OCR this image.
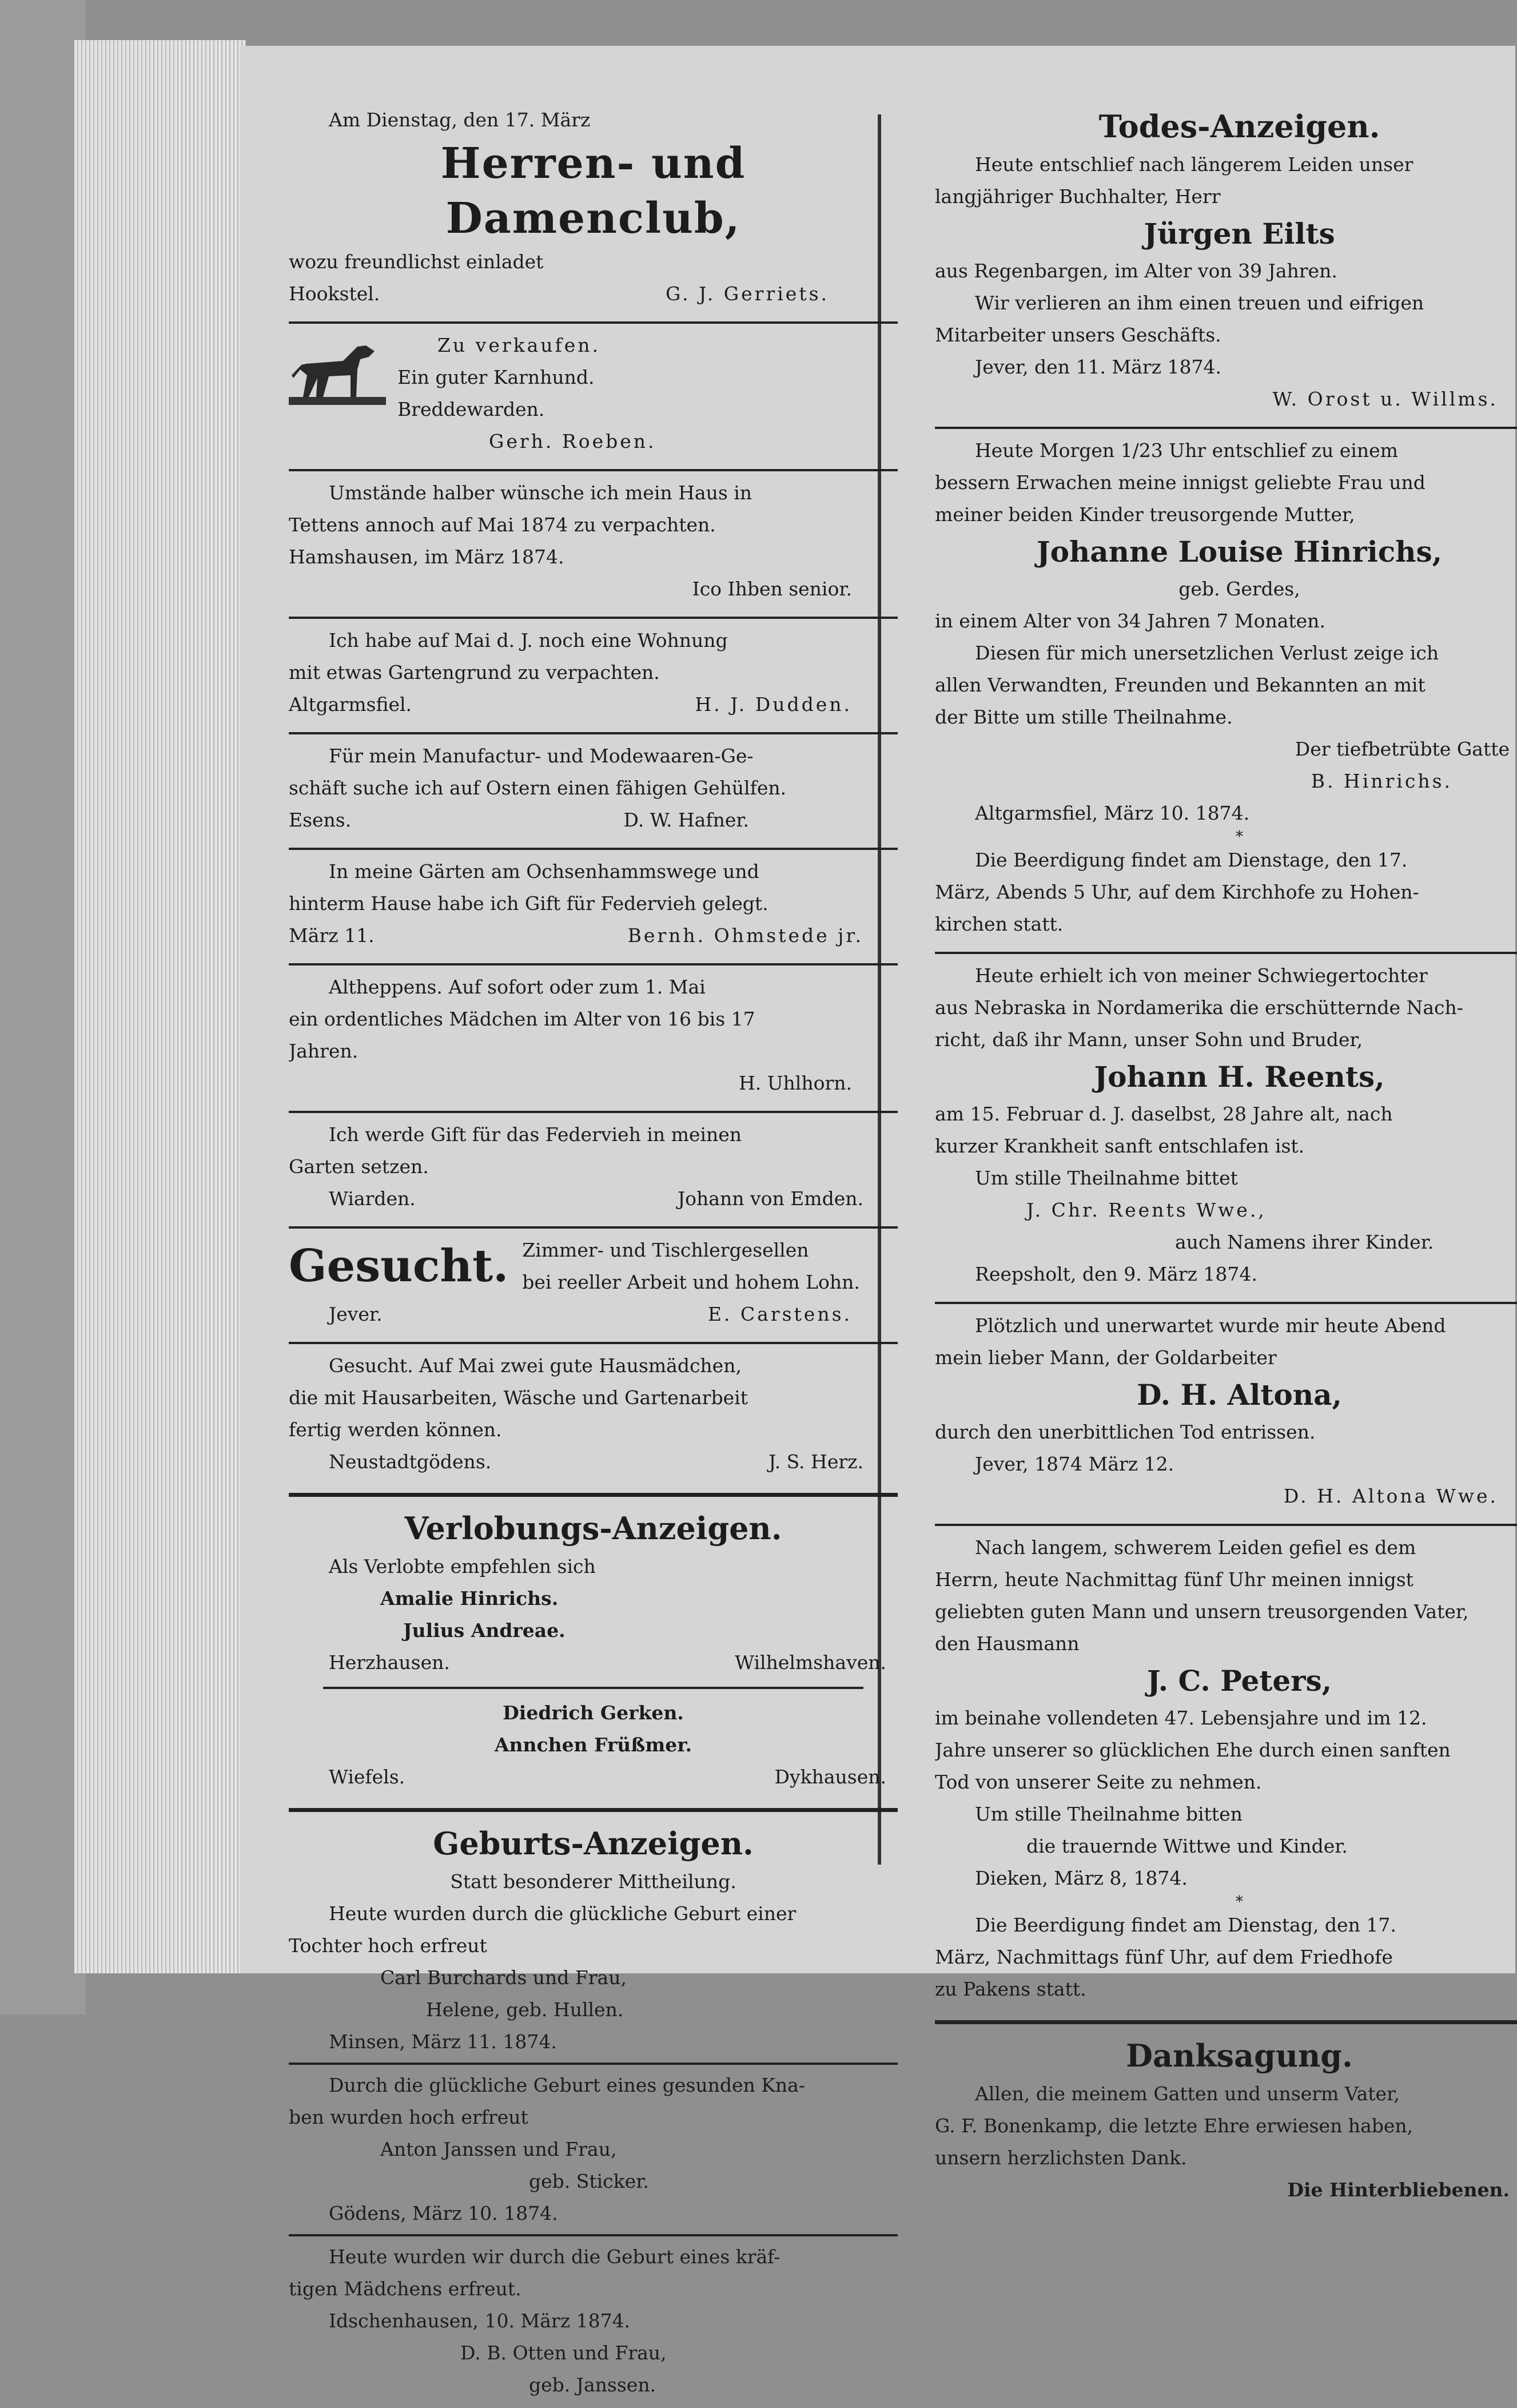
Am Dienstag, den 17. März
Herren- und Damenclub,
wozu freundlichst einladet
Hookstel.	G. J. Gerriets.
Zu verkaufen.
Ein guter Karnhund.
Breddewarden.
Gerh. Roeben.
Umstände halber wünsche ich mein Haus in
Tettens annoch auf Mai 1874 zu verpachten.
Hamshausen, im März 1874.
Ico Ihben senior.
Ich habe auf Mai d. J. noch eine Wohnung
mit etwas Gartengrund zu verpachten.
Altgarmsfiel.	H. J. Dudden.
Für mein Manufactur- und Modewaaren-Ge-
schäft suche ich auf Ostern einen fähigen Gehülfen.
Esens.	D. W. Hafner.
In meine Gärten am Ochsenhammswege und
hinterm Hause habe ich Gift für Federvieh gelegt.
März 11.	Bernh. Ohmstede jr.
Altheppens. Auf sofort oder zum 1. Mai
ein ordentliches Mädchen im Alter von 16 bis 17
Jahren.
H. Uhlhorn.
Ich werde Gift für das Federvieh in meinen
Garten setzen.
Wiarden.	Johann von Emden.
Gesucht. Zimmer- und Tischlergesellen
bei reeller Arbeit und hohem Lohn.
Jever.	E. Carstens.
Gesucht. Auf Mai zwei gute Hausmädchen,
die mit Hausarbeiten, Wäsche und Gartenarbeit
fertig werden können.
Neustadtgödens.	J. S. Herz.
Verlobungs-Anzeigen.
Als Verlobte empfehlen sich
Amalie Hinrichs.
Julius Andreae.
Herzhausen.	Wilhelmshaven.
Diedrich Gerken.
Annchen Früßmer.
Wiefels.	Dykhausen.
Geburts-Anzeigen.
Statt besonderer Mittheilung.
Heute wurden durch die glückliche Geburt einer
Tochter hoch erfreut
Carl Burchards und Frau,
Helene, geb. Hullen.
Minsen, März 11. 1874.
Durch die glückliche Geburt eines gesunden Kna-
ben wurden hoch erfreut
Anton Janssen und Frau,
geb. Sticker.
Gödens, März 10. 1874.
Heute wurden wir durch die Geburt eines kräf-
tigen Mädchens erfreut.
Idschenhausen, 10. März 1874.
D. B. Otten und Frau,
geb. Janssen.
Todes-Anzeigen.
Heute entschlief nach längerem Leiden unser
langjähriger Buchhalter, Herr
Jürgen Eilts
aus Regenbargen, im Alter von 39 Jahren.
Wir verlieren an ihm einen treuen und eifrigen
Mitarbeiter unsers Geschäfts.
Jever, den 11. März 1874.
W. Orost u. Willms.
Heute Morgen 1/23 Uhr entschlief zu einem
bessern Erwachen meine innigst geliebte Frau und
meiner beiden Kinder treusorgende Mutter,
Johanne Louise Hinrichs,
geb. Gerdes,
in einem Alter von 34 Jahren 7 Monaten.
Diesen für mich unersetzlichen Verlust zeige ich
allen Verwandten, Freunden und Bekannten an mit
der Bitte um stille Theilnahme.
Der tiefbetrübte Gatte
B. Hinrichs.
Altgarmsfiel, März 10. 1874.
*
Die Beerdigung findet am Dienstage, den 17.
März, Abends 5 Uhr, auf dem Kirchhofe zu Hohen-
kirchen statt.
Heute erhielt ich von meiner Schwiegertochter
aus Nebraska in Nordamerika die erschütternde Nach-
richt, daß ihr Mann, unser Sohn und Bruder,
Johann H. Reents,
am 15. Februar d. J. daselbst, 28 Jahre alt, nach
kurzer Krankheit sanft entschlafen ist.
Um stille Theilnahme bittet
J. Chr. Reents Wwe.,
auch Namens ihrer Kinder.
Reepsholt, den 9. März 1874.
Plötzlich und unerwartet wurde mir heute Abend
mein lieber Mann, der Goldarbeiter
D. H. Altona,
durch den unerbittlichen Tod entrissen.
Jever, 1874 März 12.
D. H. Altona Wwe.
Nach langem, schwerem Leiden gefiel es dem
Herrn, heute Nachmittag fünf Uhr meinen innigst
geliebten guten Mann und unsern treusorgenden Vater,
den Hausmann
J. C. Peters,
im beinahe vollendeten 47. Lebensjahre und im 12.
Jahre unserer so glücklichen Ehe durch einen sanften
Tod von unserer Seite zu nehmen.
Um stille Theilnahme bitten
die trauernde Wittwe und Kinder.
Dieken, März 8, 1874.
*
Die Beerdigung findet am Dienstag, den 17.
März, Nachmittags fünf Uhr, auf dem Friedhofe
zu Pakens statt.
Danksagung.
Allen, die meinem Gatten und unserm Vater,
G. F. Bonenkamp, die letzte Ehre erwiesen haben,
unsern herzlichsten Dank.
Die Hinterbliebenen.
